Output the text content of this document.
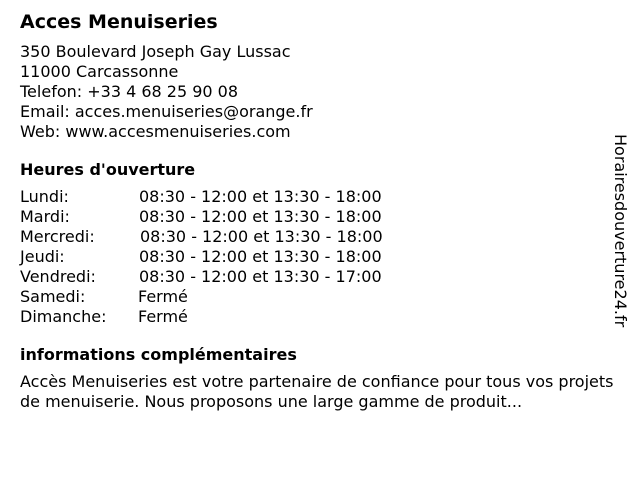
Acces Menuiseries
350 Boulevard Joseph Gay Lussac
11000 Carcassonne
Telefon: +33 4 68 25 90 08
Email: acces.menuiseries@orange.fr
Web: www.accesmenuiseries.com
Heures d'ouverture
Lundi:	08:30 - 12:00 et 13:30 - 18:00
Mardi:	08:30 - 12:00 et 13:30 - 18:00
Mercredi:	08:30 - 12:00 et 13:30 - 18:00
Jeudi:	08:30 - 12:00 et 13:30 - 18:00
Vendredi:	08:30 - 12:00 et 13:30 - 17:00
Samedi:	Fermé
Dimanche: Fermé
informations complémentaires
Accès Menuiseries est votre partenaire de confiance pour tous vos projets de menuiserie. Nous proposons une large gamme de produit...
Horairesdouverture24.fr
